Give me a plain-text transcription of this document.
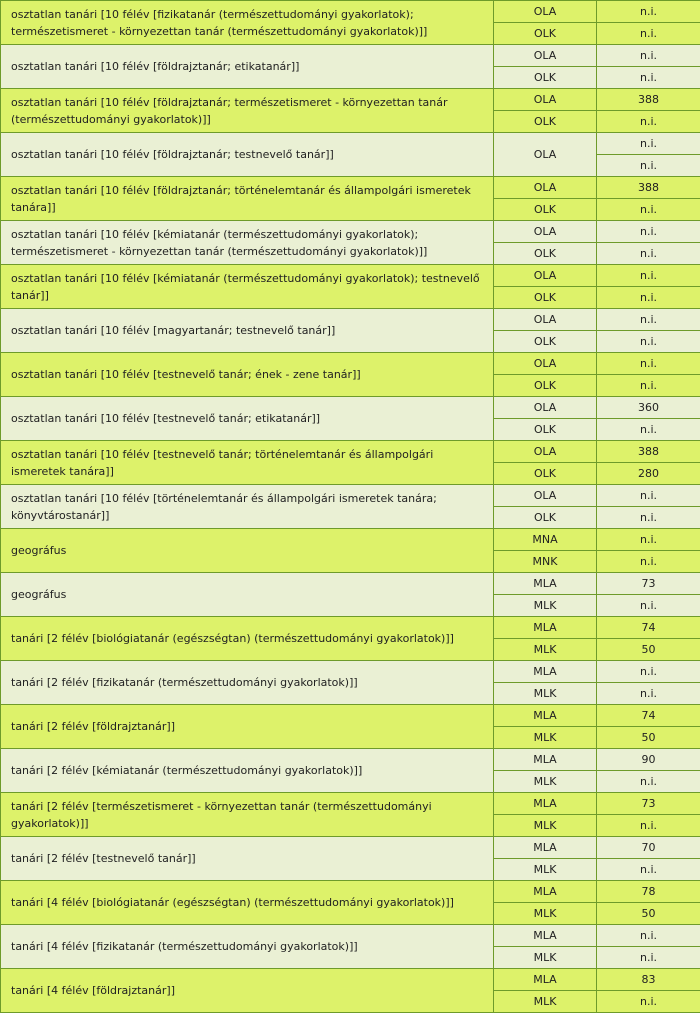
osztatlan tanári [10 félév [fizikatanár (természettudományi gyakorlatok); természetismeret - környezettan tanár (természettudományi gyakorlatok)]]	OLA	n.i.
	OLK	n.i.
osztatlan tanári [10 félév [földrajztanár; etikatanár]]	OLA	n.i.
	OLK	n.i.
osztatlan tanári [10 félév [földrajztanár; természetismeret - környezettan tanár (természettudományi gyakorlatok)]]	OLA	388
	OLK	n.i.
osztatlan tanári [10 félév [földrajztanár; testnevelő tanár]]	OLA	n.i.
		n.i.
osztatlan tanári [10 félév [földrajztanár; történelemtanár és állampolgári ismeretek tanára]]	OLA	388
	OLK	n.i.
osztatlan tanári [10 félév [kémiatanár (természettudományi gyakorlatok); természetismeret - környezettan tanár (természettudományi gyakorlatok)]]	OLA	n.i.
	OLK	n.i.
osztatlan tanári [10 félév [kémiatanár (természettudományi gyakorlatok); testnevelő tanár]]	OLA	n.i.
	OLK	n.i.
osztatlan tanári [10 félév [magyartanár; testnevelő tanár]]	OLA	n.i.
	OLK	n.i.
osztatlan tanári [10 félév [testnevelő tanár; ének - zene tanár]]	OLA	n.i.
	OLK	n.i.
osztatlan tanári [10 félév [testnevelő tanár; etikatanár]]	OLA	360
	OLK	n.i.
osztatlan tanári [10 félév [testnevelő tanár; történelemtanár és állampolgári ismeretek tanára]]	OLA	388
	OLK	280
osztatlan tanári [10 félév [történelemtanár és állampolgári ismeretek tanára; könyvtárostanár]]	OLA	n.i.
	OLK	n.i.
geográfus	MNA	n.i.
	MNK	n.i.
geográfus	MLA	73
	MLK	n.i.
tanári [2 félév [biológiatanár (egészségtan) (természettudományi gyakorlatok)]]	MLA	74
	MLK	50
tanári [2 félév [fizikatanár (természettudományi gyakorlatok)]]	MLA	n.i.
	MLK	n.i.
tanári [2 félév [földrajztanár]]	MLA	74
	MLK	50
tanári [2 félév [kémiatanár (természettudományi gyakorlatok)]]	MLA	90
	MLK	n.i.
tanári [2 félév [természetismeret - környezettan tanár (természettudományi gyakorlatok)]]	MLA	73
	MLK	n.i.
tanári [2 félév [testnevelő tanár]]	MLA	70
	MLK	n.i.
tanári [4 félév [biológiatanár (egészségtan) (természettudományi gyakorlatok)]]	MLA	78
	MLK	50
tanári [4 félév [fizikatanár (természettudományi gyakorlatok)]]	MLA	n.i.
	MLK	n.i.
tanári [4 félév [földrajztanár]]	MLA	83
	MLK	n.i.
